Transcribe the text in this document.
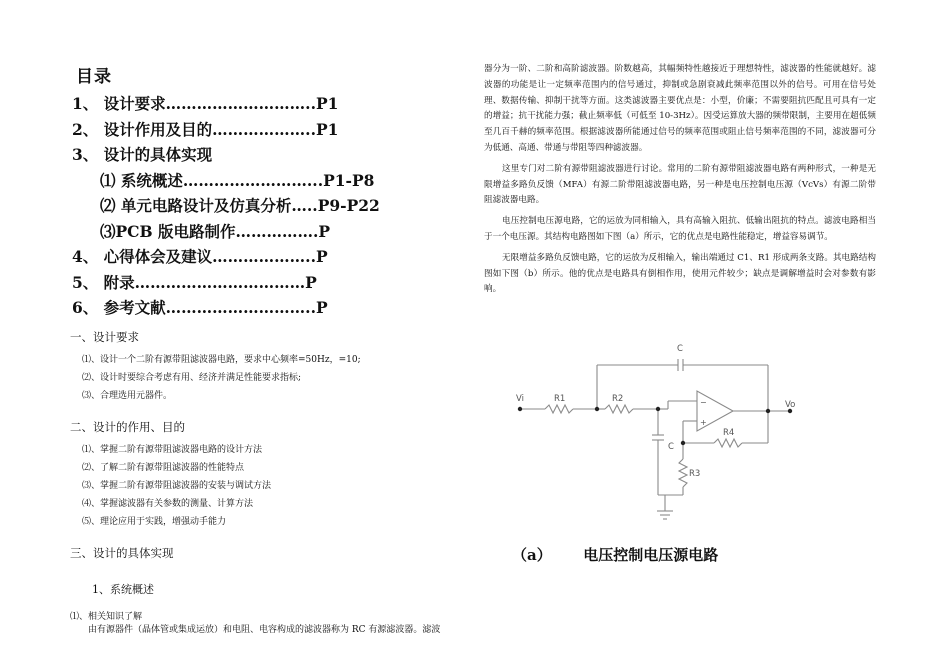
目录
1、 设计要求………………………..P1
2、 设计作用及目的………………..P1
3、 设计的具体实现
⑴ 系统概述……………………...P1-P8
⑵ 单元电路设计及仿真分析…..P9-P22
⑶PCB 版电路制作…………….P
4、 心得体会及建议………………..P
5、 附录……………………………P
6、 参考文献………………………..P
一、设计要求
⑴、设计一个二阶有源带阻滤波器电路，要求中心频率=50Hz，=10;
⑵、设计时要综合考虑有用、经济并满足性能要求指标;
⑶、合理选用元器件。
二、设计的作用、目的
⑴、掌握二阶有源带阻滤波器电路的设计方法
⑵、了解二阶有源带阻滤波器的性能特点
⑶、掌握二阶有源带阻滤波器的安装与调试方法
⑷、掌握滤波器有关参数的测量、计算方法
⑸、理论应用于实践，增强动手能力
三、设计的具体实现
1、系统概述
⑴、相关知识了解
由有源器件（晶体管或集成运放）和电阻、电容构成的滤波器称为 RC 有源滤波器。滤波

器分为一阶、二阶和高阶滤波器。阶数越高，其幅频特性越接近于理想特性，滤波器的性能就越好。滤波器的功能是让一定频率范围内的信号通过，抑制或急剧衰减此频率范围以外的信号。可用在信号处理、数据传输、抑制干扰等方面。这类滤波器主要优点是：小型，价廉；不需要阻抗匹配且可具有一定的增益；抗干扰能力强；截止频率低（可低至 10-3Hz）。因受运算放大器的频带限制，主要用在超低频至几百千赫的频率范围。根据滤波器所能通过信号的频率范围或阻止信号频率范围的不同，滤波器可分为低通、高通、带通与带阻等四种滤波器。

这里专门对二阶有源带阻滤波器进行讨论。常用的二阶有源带阻滤波器电路有两种形式，一种是无限增益多路负反馈（MFA）有源二阶带阻滤波器电路，另一种是电压控制电压源（VcVs）有源二阶带阻滤波器电路。

电压控制电压源电路，它的运放为同相输入，具有高输入阻抗、低输出阻抗的特点。滤波电路相当于一个电压源。其结构电路图如下图（a）所示，它的优点是电路性能稳定，增益容易调节。

无限增益多路负反馈电路，它的运放为反相输入，输出端通过 C1、R1 形成两条支路。其电路结构图如下图（b）所示。他的优点是电路具有倒相作用，使用元件较少；缺点是调解增益时会对参数有影响。

Vi	R1	R2
C
C
R3
R4
Vo
−
+
（a） 电压控制电压源电路
